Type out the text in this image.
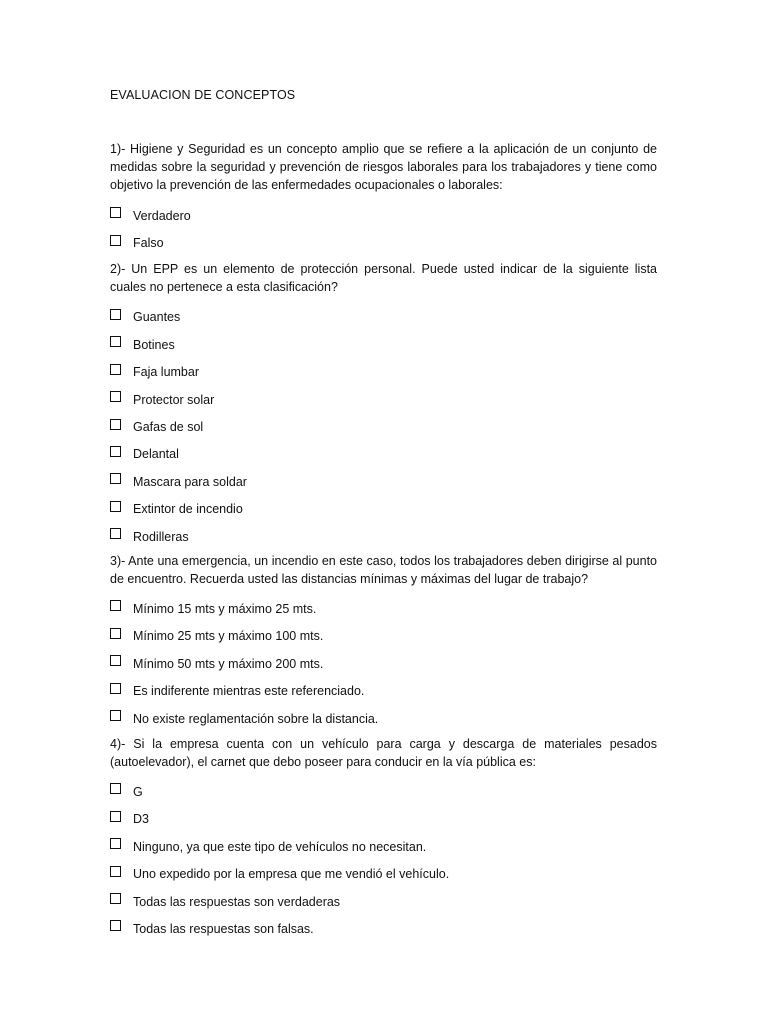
EVALUACION DE CONCEPTOS

1)- Higiene y Seguridad es un concepto amplio que se refiere a la aplicación de un conjunto de medidas sobre la seguridad y prevención de riesgos laborales para los trabajadores y tiene como objetivo la prevención de las enfermedades ocupacionales o laborales:

Verdadero
Falso

2)- Un EPP es un elemento de protección personal. Puede usted indicar de la siguiente lista cuales no pertenece a esta clasificación?

Guantes
Botines
Faja lumbar
Protector solar
Gafas de sol
Delantal
Mascara para soldar
Extintor de incendio
Rodilleras

3)- Ante una emergencia, un incendio en este caso, todos los trabajadores deben dirigirse al punto de encuentro. Recuerda usted las distancias mínimas y máximas del lugar de trabajo?

Mínimo 15 mts y máximo 25 mts.
Mínimo 25 mts y máximo 100 mts.
Mínimo 50 mts y máximo 200 mts.
Es indiferente mientras este referenciado.
No existe reglamentación sobre la distancia.

4)- Si la empresa cuenta con un vehículo para carga y descarga de materiales pesados (autoelevador), el carnet que debo poseer para conducir en la vía pública es:

G
D3
Ninguno, ya que este tipo de vehículos no necesitan.
Uno expedido por la empresa que me vendió el vehículo.
Todas las respuestas son verdaderas
Todas las respuestas son falsas.
